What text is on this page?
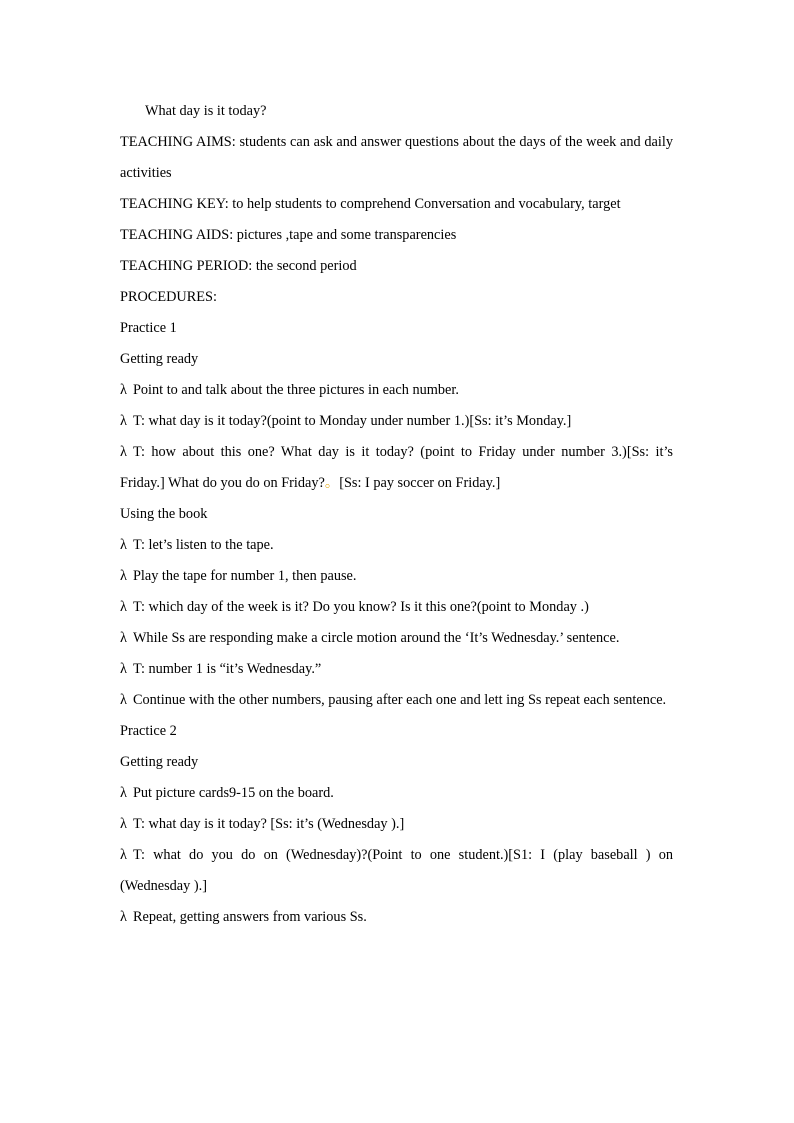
What day is it today?

TEACHING AIMS: students can ask and answer questions about the days of the week and daily activities

TEACHING KEY: to help students to comprehend Conversation and vocabulary, target

TEACHING AIDS: pictures ,tape and some transparencies

TEACHING PERIOD: the second period

PROCEDURES:

Practice 1

Getting ready

λ Point to and talk about the three pictures in each number.

λ T: what day is it today?(point to Monday under number 1.)[Ss: it’s Monday.]

λ T: how about this one? What day is it today? (point to Friday under number 3.)[Ss: it’s Friday.] What do you do on Friday?。[Ss: I pay soccer on Friday.]

Using the book

λ T: let’s listen to the tape.

λ Play the tape for number 1, then pause.

λ T: which day of the week is it? Do you know? Is it this one?(point to Monday .)

λ While Ss are responding make a circle motion around the ‘It’s Wednesday.’ sentence.

λ T: number 1 is “it’s Wednesday.”

λ Continue with the other numbers, pausing after each one and lett ing Ss repeat each sentence.

Practice 2

Getting ready

λ Put picture cards9-15 on the board.

λ T: what day is it today? [Ss: it’s (Wednesday ).]

λ T: what do you do on (Wednesday)?(Point to one student.)[S1: I (play baseball ) on (Wednesday ).]

λ Repeat, getting answers from various Ss.
